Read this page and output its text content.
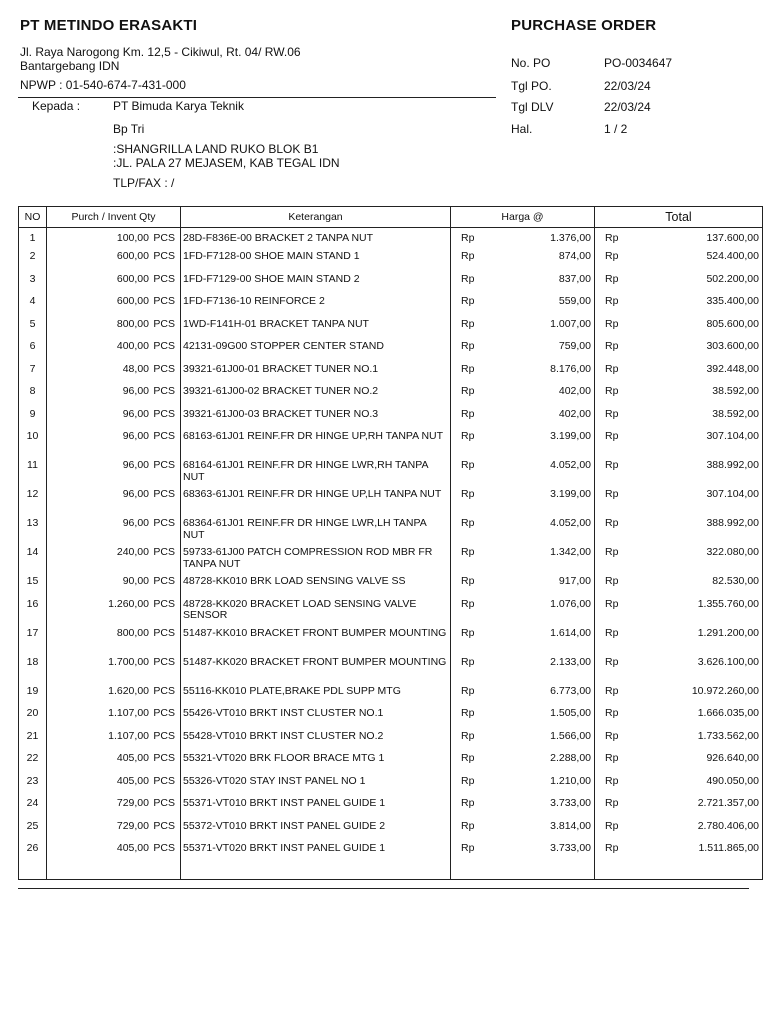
PT METINDO ERASAKTI
Jl. Raya Narogong Km. 12,5 - Cikiwul, Rt. 04/ RW.06
Bantargebang IDN
NPWP : 01-540-674-7-431-000
PURCHASE ORDER
No. PO	PO-0034647
Tgl PO.	22/03/24
Tgl DLV	22/03/24
Hal.	1 / 2
Kepada :	PT Bimuda Karya Teknik
Bp Tri
:SHANGRILLA LAND RUKO BLOK B1
:JL. PALA 27 MEJASEM, KAB TEGAL IDN
TLP/FAX : /
NO	Purch / Invent Qty	Keterangan	Harga @	Total
1	100,00 PCS	28D-F836E-00 BRACKET 2 TANPA NUT	Rp 1.376,00	Rp 137.600,00

2	600,00 PCS	1FD-F7128-00 SHOE MAIN STAND 1	Rp 874,00	Rp 524.400,00

3	600,00 PCS	1FD-F7129-00 SHOE MAIN STAND 2	Rp 837,00	Rp 502.200,00

4	600,00 PCS	1FD-F7136-10 REINFORCE 2	Rp 559,00	Rp 335.400,00

5	800,00 PCS	1WD-F141H-01 BRACKET TANPA NUT	Rp 1.007,00	Rp 805.600,00

6	400,00 PCS	42131-09G00 STOPPER CENTER STAND	Rp 759,00	Rp 303.600,00

7	48,00 PCS	39321-61J00-01 BRACKET TUNER NO.1	Rp 8.176,00	Rp 392.448,00

8	96,00 PCS	39321-61J00-02 BRACKET TUNER NO.2	Rp 402,00	Rp 38.592,00

9	96,00 PCS	39321-61J00-03 BRACKET TUNER NO.3	Rp 402,00	Rp 38.592,00

10	96,00 PCS	68163-61J01 REINF.FR DR HINGE UP,RH TANPA NUT	Rp 3.199,00	Rp 307.104,00

11	96,00 PCS	68164-61J01 REINF.FR DR HINGE LWR,RH TANPA NUT	Rp 4.052,00	Rp 388.992,00

12	96,00 PCS	68363-61J01 REINF.FR DR HINGE UP,LH TANPA NUT	Rp 3.199,00	Rp 307.104,00

13	96,00 PCS	68364-61J01 REINF.FR DR HINGE LWR,LH TANPA NUT	Rp 4.052,00	Rp 388.992,00

14	240,00 PCS	59733-61J00 PATCH COMPRESSION ROD MBR FR TANPA NUT	Rp 1.342,00	Rp 322.080,00

15	90,00 PCS	48728-KK010 BRK LOAD SENSING VALVE SS	Rp 917,00	Rp 82.530,00

16	1.260,00 PCS	48728-KK020 BRACKET LOAD SENSING VALVE SENSOR	Rp 1.076,00	Rp 1.355.760,00

17	800,00 PCS	51487-KK010 BRACKET FRONT BUMPER MOUNTING	Rp 1.614,00	Rp 1.291.200,00

18	1.700,00 PCS	51487-KK020 BRACKET FRONT BUMPER MOUNTING	Rp 2.133,00	Rp 3.626.100,00

19	1.620,00 PCS	55116-KK010 PLATE,BRAKE PDL SUPP MTG	Rp 6.773,00	Rp 10.972.260,00

20	1.107,00 PCS	55426-VT010 BRKT INST CLUSTER NO.1	Rp 1.505,00	Rp 1.666.035,00

21	1.107,00 PCS	55428-VT010 BRKT INST CLUSTER NO.2	Rp 1.566,00	Rp 1.733.562,00

22	405,00 PCS	55321-VT020 BRK FLOOR BRACE MTG 1	Rp 2.288,00	Rp 926.640,00

23	405,00 PCS	55326-VT020 STAY INST PANEL NO 1	Rp 1.210,00	Rp 490.050,00

24	729,00 PCS	55371-VT010 BRKT INST PANEL GUIDE 1	Rp 3.733,00	Rp 2.721.357,00

25	729,00 PCS	55372-VT010 BRKT INST PANEL GUIDE 2	Rp 3.814,00	Rp 2.780.406,00

26	405,00 PCS	55371-VT020 BRKT INST PANEL GUIDE 1	Rp 3.733,00	Rp 1.511.865,00
